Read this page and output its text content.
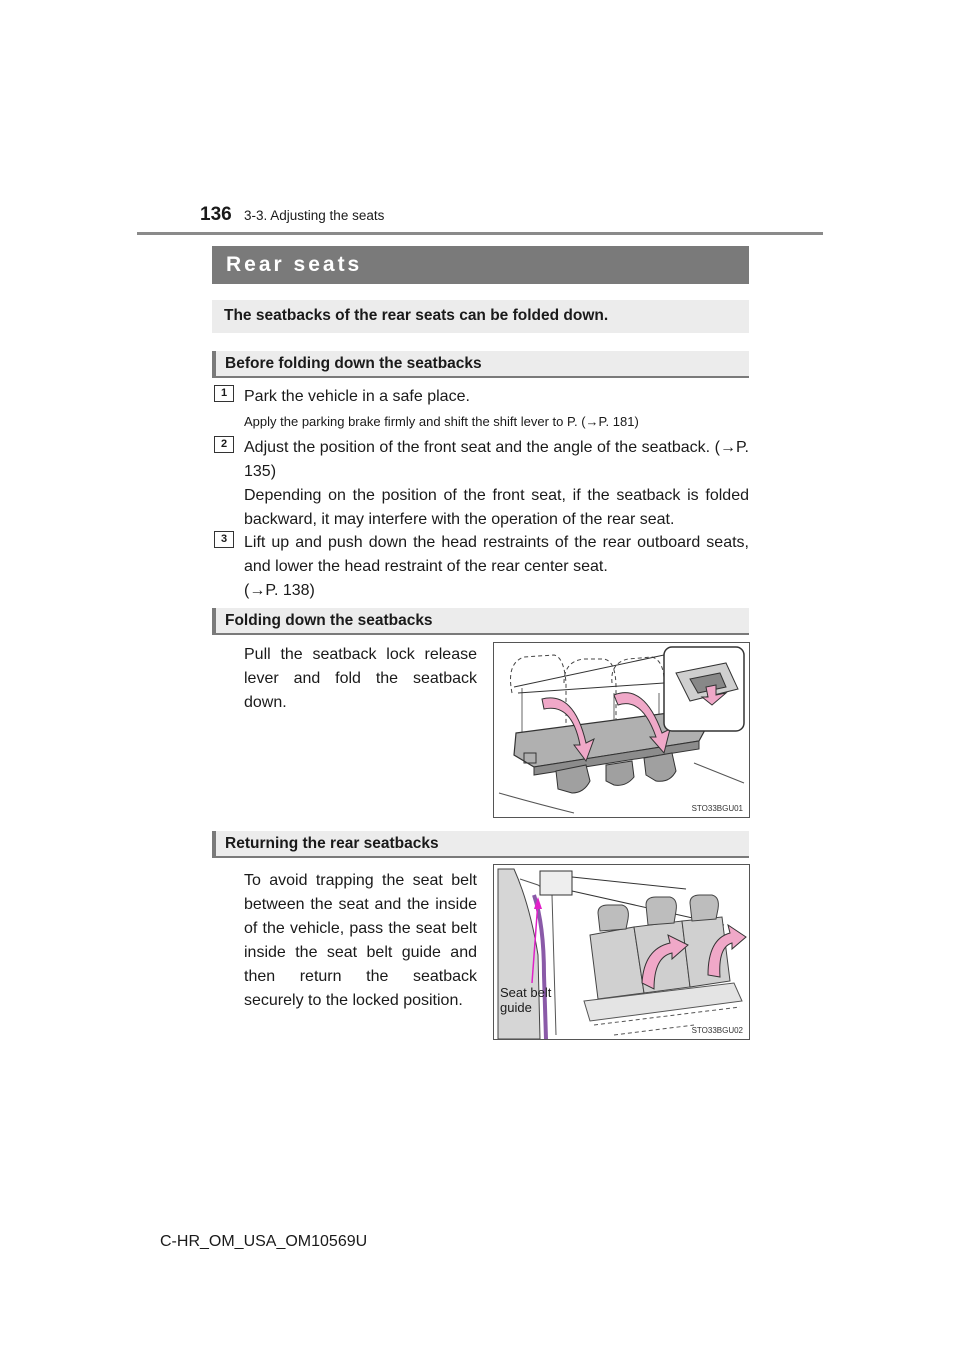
136 3-3. Adjusting the seats
Rear seats
The seatbacks of the rear seats can be folded down.
Before folding down the seatbacks
1	Park the vehicle in a safe place.
Apply the parking brake firmly and shift the shift lever to P. (→P. 181)
2	Adjust the position of the front seat and the angle of the seatback. (→P. 135)
Depending on the position of the front seat, if the seatback is folded backward, it may interfere with the operation of the rear seat.
3	Lift up and push down the head restraints of the rear outboard seats, and lower the head restraint of the rear center seat.
(→P. 138)
Folding down the seatbacks
Pull the seatback lock release lever and fold the seatback down.
STO33BGU01
Returning the rear seatbacks
To avoid trapping the seat belt between the seat and the inside of the vehicle, pass the seat belt inside the seat belt guide and then return the seatback securely to the locked position.	Seat belt
guide
STO33BGU02
C-HR_OM_USA_OM10569U
